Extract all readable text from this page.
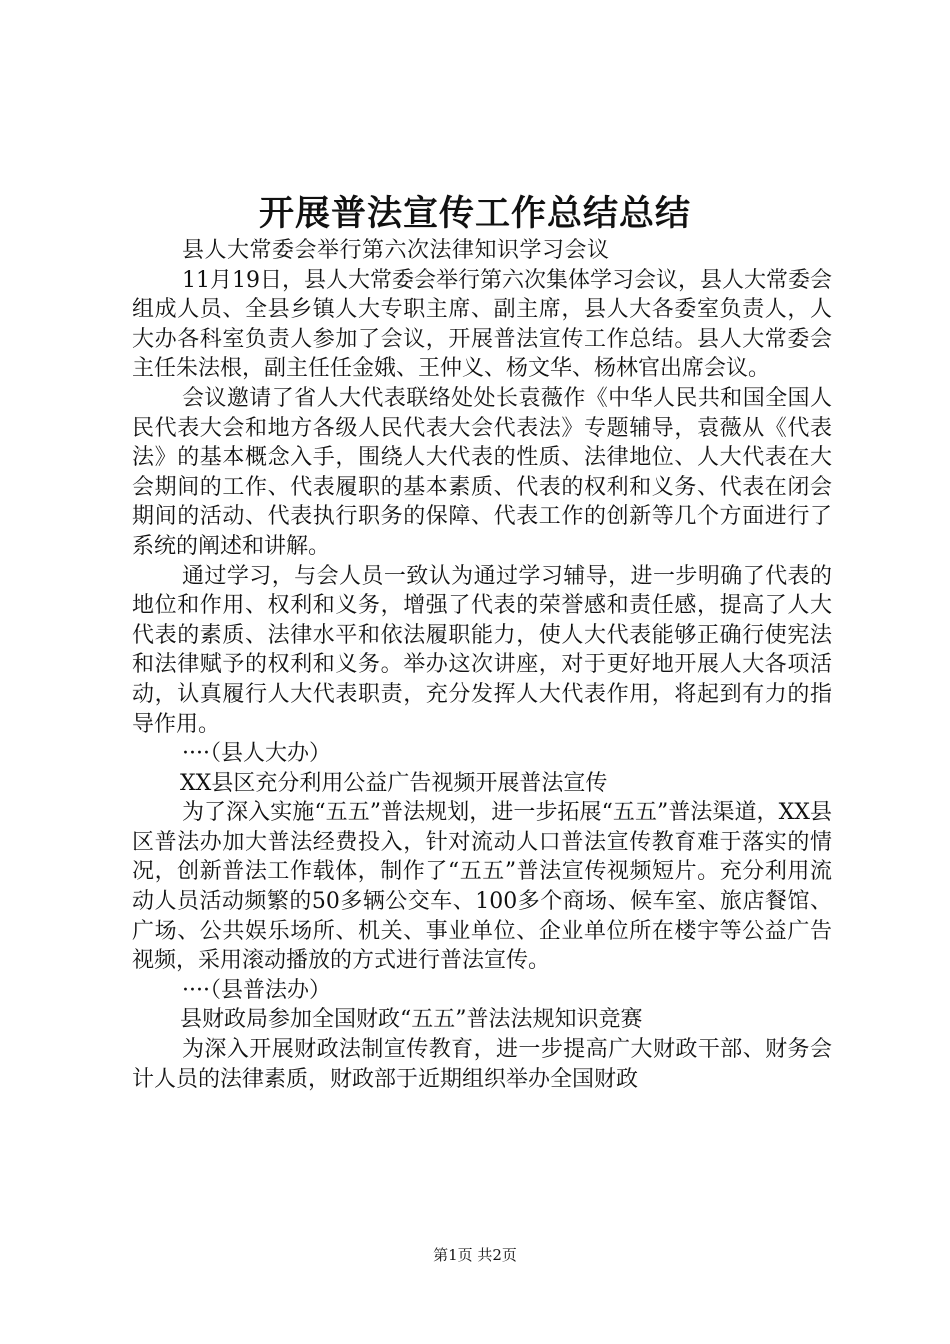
开展普法宣传工作总结总结

县人大常委会举行第六次法律知识学习会议

11月19日，县人大常委会举行第六次集体学习会议，县人大常委会组成人员、全县乡镇人大专职主席、副主席，县人大各委室负责人，人大办各科室负责人参加了会议，开展普法宣传工作总结。县人大常委会主任朱法根，副主任任金娥、王仲义、杨文华、杨林官出席会议。

会议邀请了省人大代表联络处处长袁薇作《中华人民共和国全国人民代表大会和地方各级人民代表大会代表法》专题辅导，袁薇从《代表法》的基本概念入手，围绕人大代表的性质、法律地位、人大代表在大会期间的工作、代表履职的基本素质、代表的权利和义务、代表在闭会期间的活动、代表执行职务的保障、代表工作的创新等几个方面进行了系统的阐述和讲解。

通过学习，与会人员一致认为通过学习辅导，进一步明确了代表的地位和作用、权利和义务，增强了代表的荣誉感和责任感，提高了人大代表的素质、法律水平和依法履职能力，使人大代表能够正确行使宪法和法律赋予的权利和义务。举办这次讲座，对于更好地开展人大各项活动，认真履行人大代表职责，充分发挥人大代表作用，将起到有力的指导作用。

····（县人大办）

XX县区充分利用公益广告视频开展普法宣传

为了深入实施“五五”普法规划，进一步拓展“五五”普法渠道，XX县区普法办加大普法经费投入，针对流动人口普法宣传教育难于落实的情况，创新普法工作载体，制作了“五五”普法宣传视频短片。充分利用流动人员活动频繁的50多辆公交车、100多个商场、候车室、旅店餐馆、广场、公共娱乐场所、机关、事业单位、企业单位所在楼宇等公益广告视频，采用滚动播放的方式进行普法宣传。

····（县普法办）

县财政局参加全国财政“五五”普法法规知识竞赛

为深入开展财政法制宣传教育，进一步提高广大财政干部、财务会计人员的法律素质，财政部于近期组织举办全国财政

第1页 共2页
